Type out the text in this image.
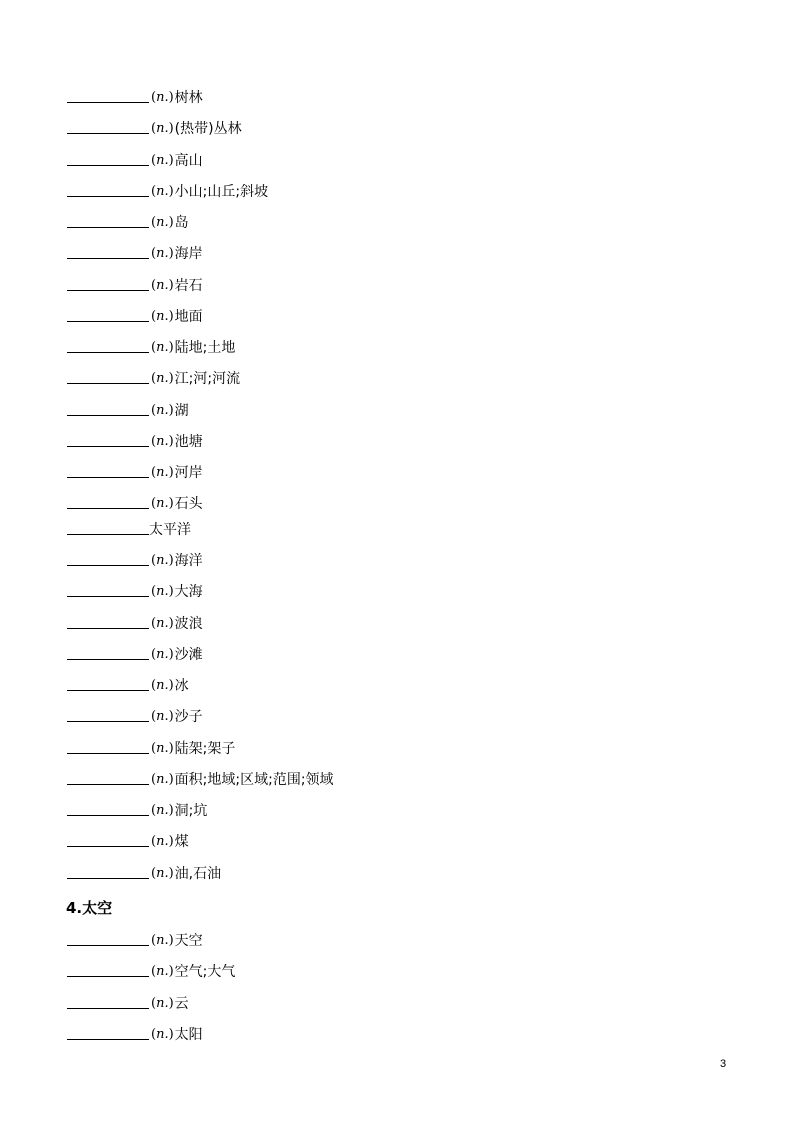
(n.) 树林
(n.) (热带)丛林
(n.) 高山
(n.) 小山;山丘;斜坡
(n.) 岛
(n.) 海岸
(n.) 岩石
(n.) 地面
(n.) 陆地;土地
(n.) 江;河;河流
(n.) 湖
(n.) 池塘
(n.) 河岸
(n.) 石头
太平洋
(n.) 海洋
(n.) 大海
(n.) 波浪
(n.) 沙滩
(n.) 冰
(n.) 沙子
(n.) 陆架;架子
(n.) 面积;地域;区域;范围;领域
(n.) 洞;坑
(n.) 煤
(n.) 油,石油
4.太空
(n.) 天空
(n.) 空气;大气
(n.) 云
(n.) 太阳
3
